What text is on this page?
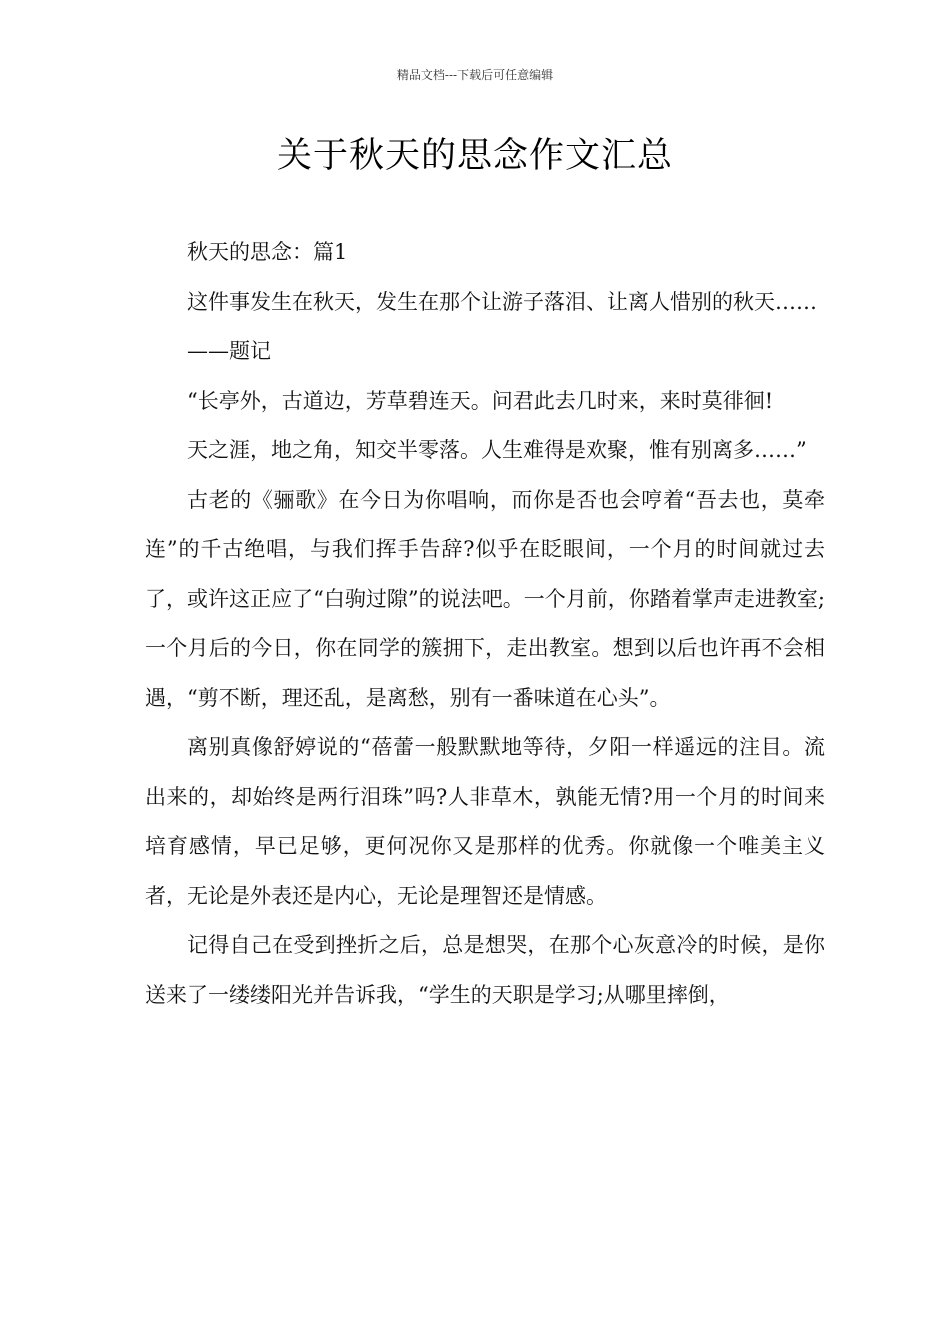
精品文档---下载后可任意编辑
关于秋天的思念作文汇总

秋天的思念：篇1

这件事发生在秋天，发生在那个让游子落泪、让离人惜别的秋天……

——题记

“长亭外，古道边，芳草碧连天。问君此去几时来，来时莫徘徊!

天之涯，地之角，知交半零落。人生难得是欢聚，惟有别离多……”

古老的《骊歌》在今日为你唱响，而你是否也会哼着“吾去也，莫牵连”的千古绝唱，与我们挥手告辞?似乎在眨眼间，一个月的时间就过去了，或许这正应了“白驹过隙”的说法吧。一个月前，你踏着掌声走进教室;一个月后的今日，你在同学的簇拥下，走出教室。想到以后也许再不会相遇，“剪不断，理还乱，是离愁，别有一番味道在心头”。

离别真像舒婷说的“蓓蕾一般默默地等待，夕阳一样遥远的注目。流出来的，却始终是两行泪珠”吗?人非草木，孰能无情?用一个月的时间来培育感情，早已足够，更何况你又是那样的优秀。你就像一个唯美主义者，无论是外表还是内心，无论是理智还是情感。

记得自己在受到挫折之后，总是想哭，在那个心灰意冷的时候，是你送来了一缕缕阳光并告诉我，“学生的天职是学习;从哪里摔倒，
